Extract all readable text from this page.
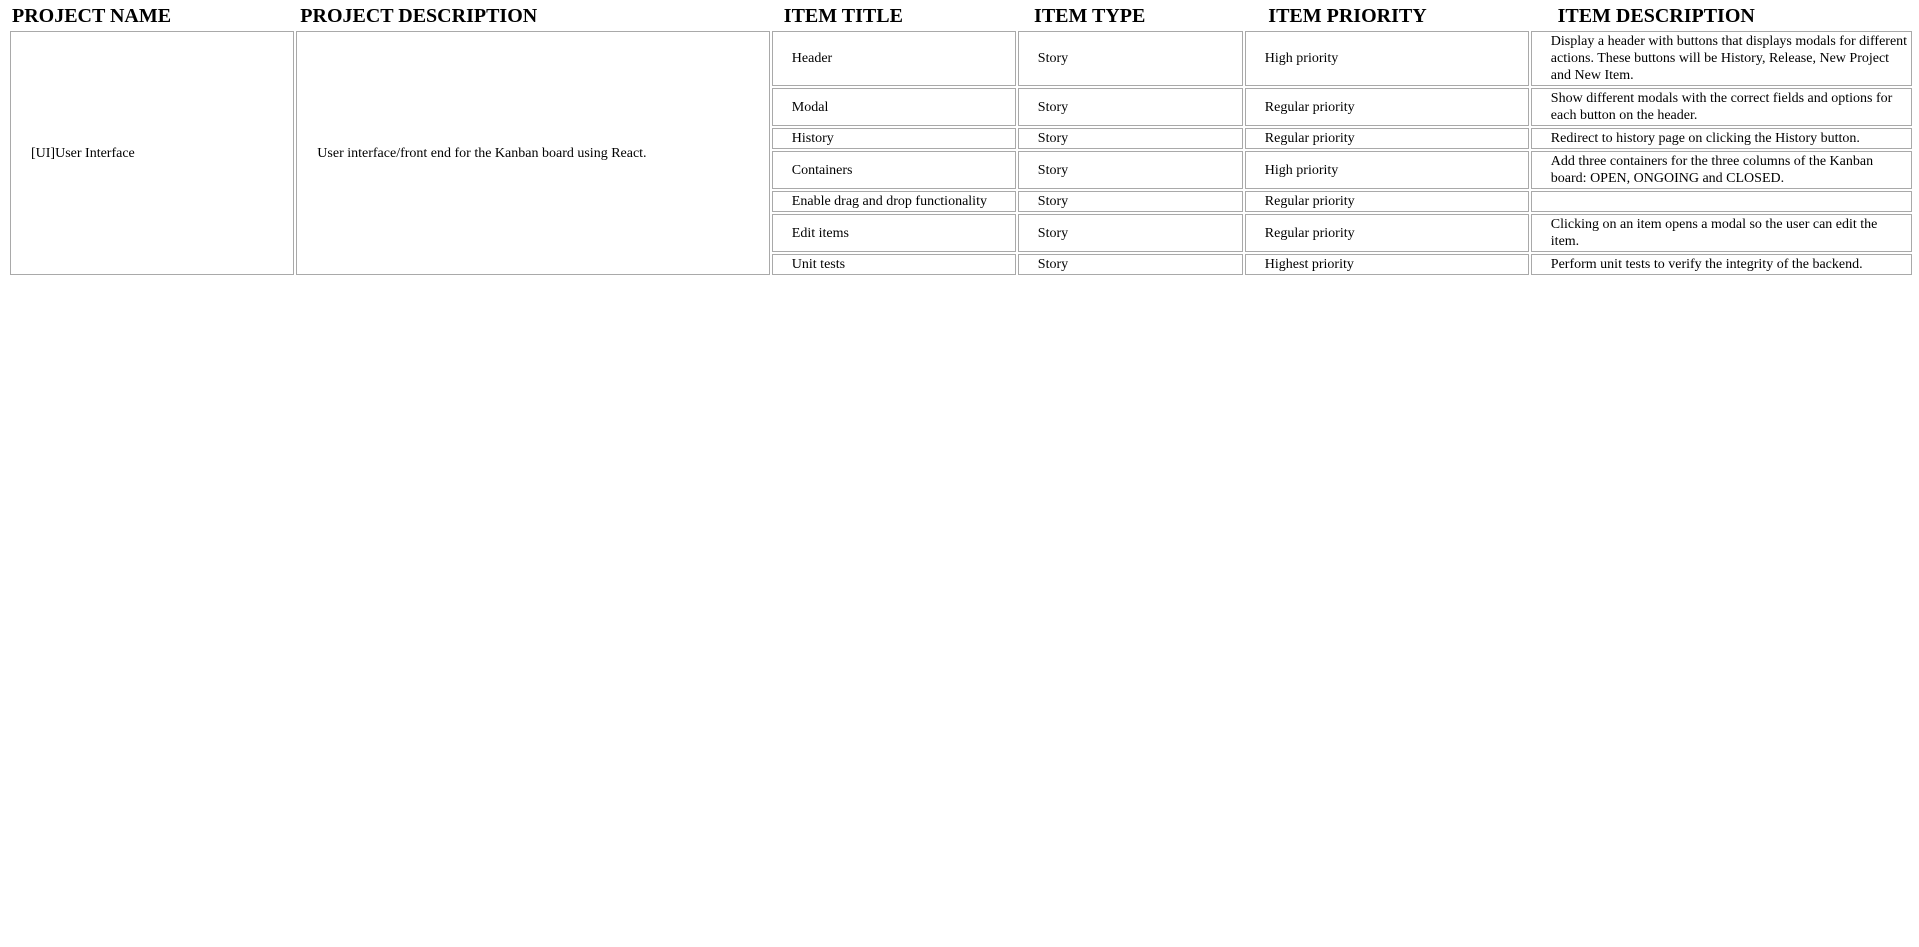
PROJECT NAME	PROJECT DESCRIPTION	ITEM TITLE	ITEM TYPE	ITEM PRIORITY	ITEM DESCRIPTION
[UI]User Interface	User interface/front end for the Kanban board using React.	
Header		Story		High priority		Display a header with buttons that displays modals for different actions. These buttons will be History, Release, New Project and New Item.
Modal		Story		Regular priority		Show different modals with the correct fields and options for each button on the header.
History		Story		Regular priority		Redirect to history page on clicking the History button.
Containers		Story		High priority		Add three containers for the three columns of the Kanban board: OPEN, ONGOING and CLOSED.
Enable drag and drop functionality		Story		Regular priority		
Edit items		Story		Regular priority		Clicking on an item opens a modal so the user can edit the item.
Unit tests		Story		Highest priority		Perform unit tests to verify the integrity of the backend.
